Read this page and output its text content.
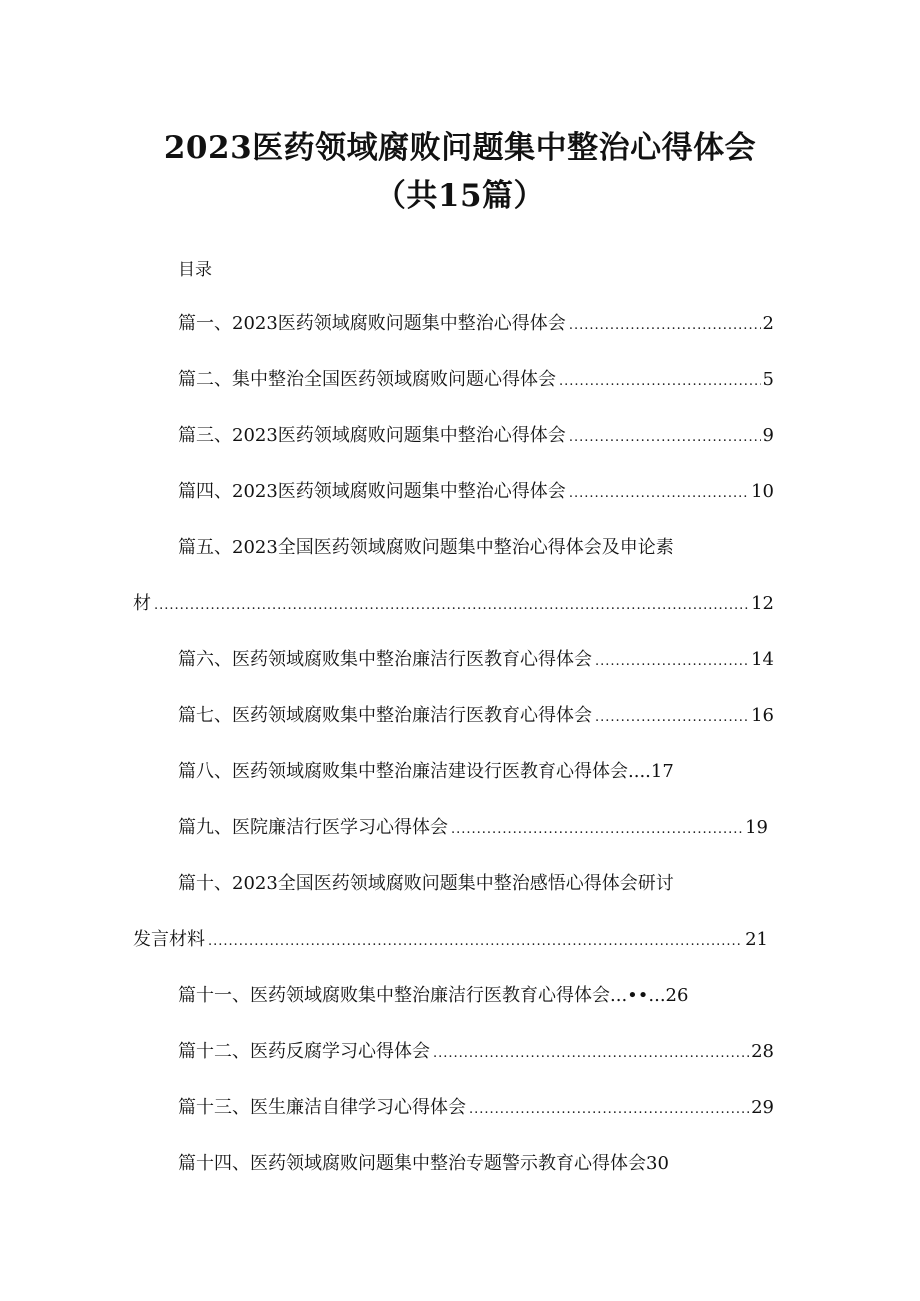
2023医药领域腐败问题集中整治心得体会
（共15篇）
目录
篇一、2023医药领域腐败问题集中整治心得体会 .....	2
篇二、集中整治全国医药领域腐败问题心得体会 .....	5
篇三、2023医药领域腐败问题集中整治心得体会 .....	9
篇四、2023医药领域腐败问题集中整治心得体会 .....	10
篇五、2023全国医药领域腐败问题集中整治心得体会及申论素
材 .....	12
篇六、医药领域腐败集中整治廉洁行医教育心得体会 .....	14
篇七、医药领域腐败集中整治廉洁行医教育心得体会 .....	16
篇八、医药领域腐败集中整治廉洁建设行医教育心得体会....17
篇九、医院廉洁行医学习心得体会 .....	19
篇十、2023全国医药领域腐败问题集中整治感悟心得体会研讨
发言材料 .....	21
篇十一、医药领域腐败集中整治廉洁行医教育心得体会...••...26
篇十二、医药反腐学习心得体会 .....	28
篇十三、医生廉洁自律学习心得体会 .....	29
篇十四、医药领域腐败问题集中整治专题警示教育心得体会30
